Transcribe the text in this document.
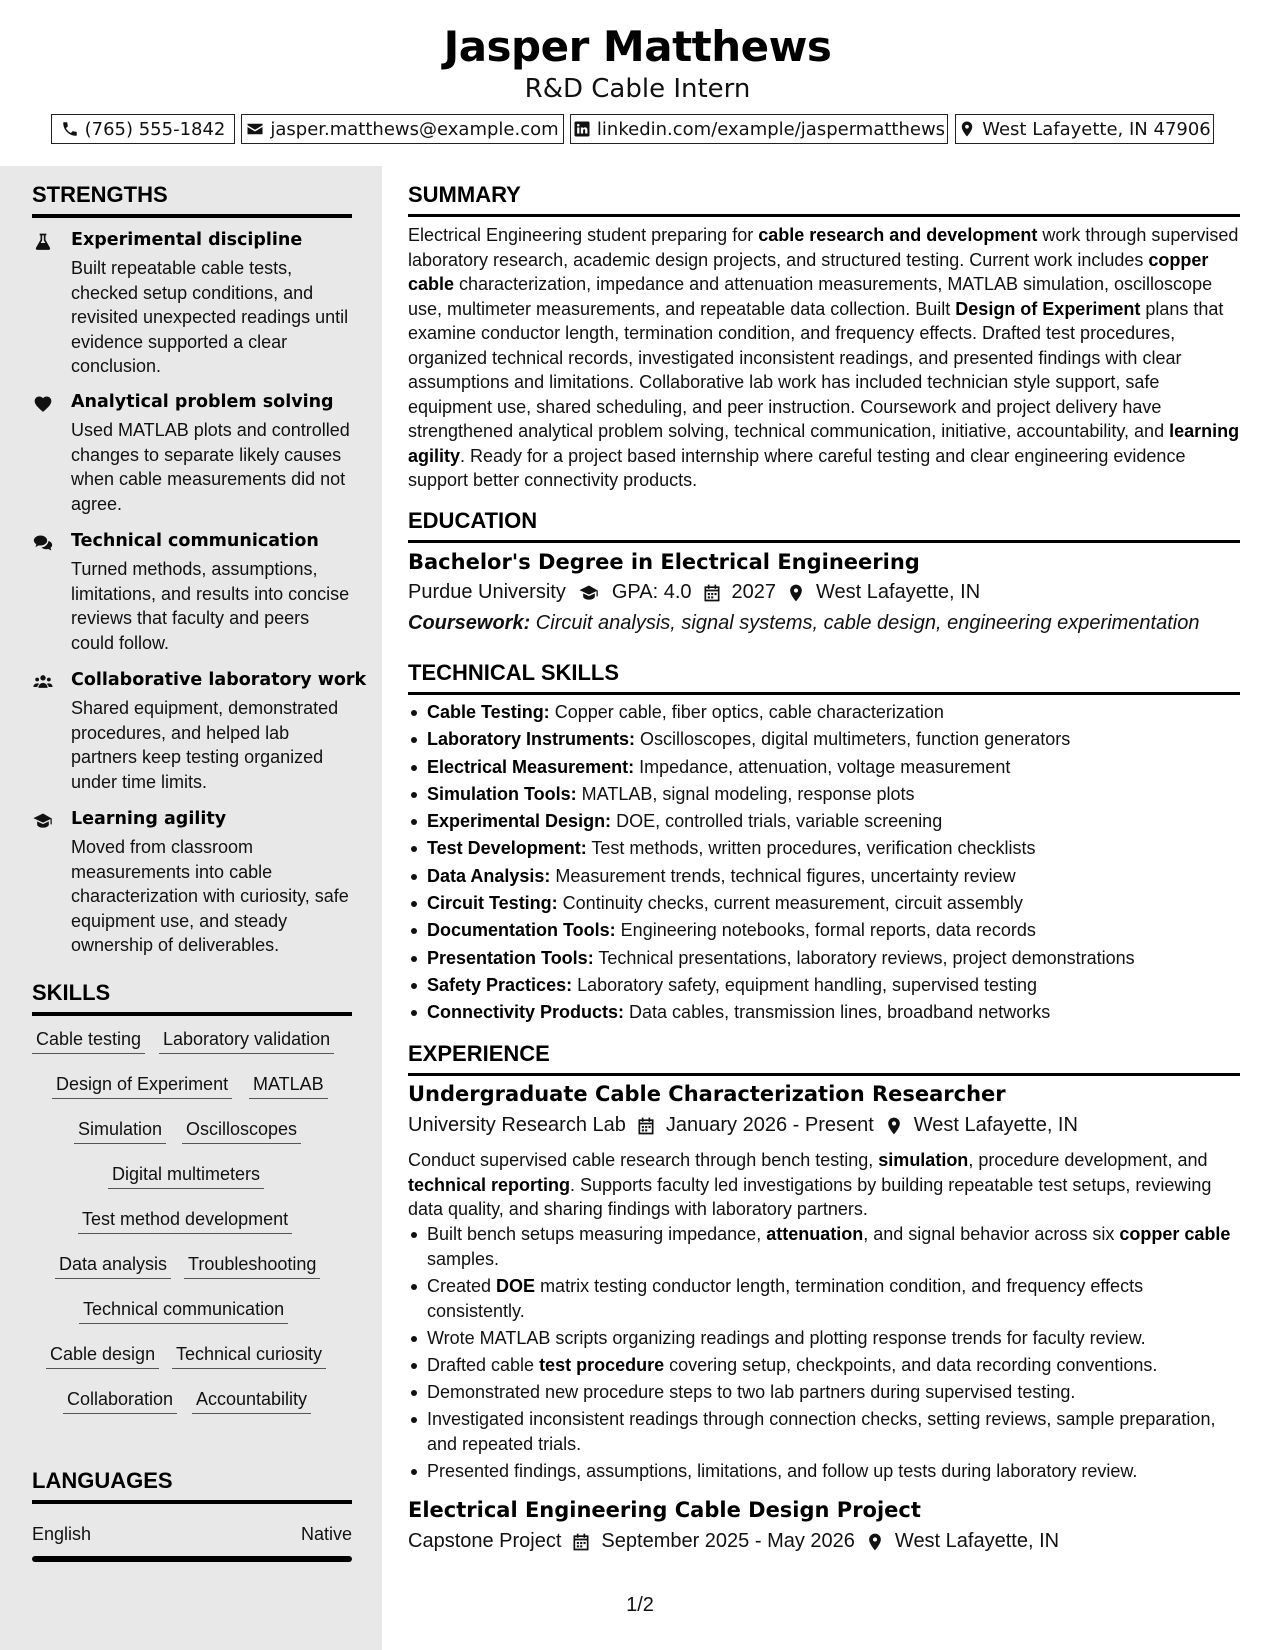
Jasper Matthews
R&D Cable Intern
(765) 555-1842 jasper.matthews@example.com linkedin.com/example/jaspermatthews West Lafayette, IN 47906
STRENGTHS
Experimental discipline
Built repeatable cable tests, checked setup conditions, and revisited unexpected readings until evidence supported a clear conclusion.
Analytical problem solving
Used MATLAB plots and controlled changes to separate likely causes when cable measurements did not agree.
Technical communication
Turned methods, assumptions, limitations, and results into concise reviews that faculty and peers could follow.
Collaborative laboratory work
Shared equipment, demonstrated procedures, and helped lab partners keep testing organized under time limits.
Learning agility
Moved from classroom measurements into cable characterization with curiosity, safe equipment use, and steady ownership of deliverables.
SKILLS
Cable testing Laboratory validation
Design of Experiment MATLAB
Simulation Oscilloscopes
Digital multimeters
Test method development
Data analysis Troubleshooting
Technical communication
Cable design Technical curiosity
Collaboration Accountability
LANGUAGES
English	Native
SUMMARY
Electrical Engineering student preparing for cable research and development work through supervised laboratory research, academic design projects, and structured testing. Current work includes copper cable characterization, impedance and attenuation measurements, MATLAB simulation, oscilloscope use, multimeter measurements, and repeatable data collection. Built Design of Experiment plans that examine conductor length, termination condition, and frequency effects. Drafted test procedures, organized technical records, investigated inconsistent readings, and presented findings with clear assumptions and limitations. Collaborative lab work has included technician style support, safe equipment use, shared scheduling, and peer instruction. Coursework and project delivery have strengthened analytical problem solving, technical communication, initiative, accountability, and learning agility. Ready for a project based internship where careful testing and clear engineering evidence support better connectivity products.
EDUCATION
Bachelor's Degree in Electrical Engineering
Purdue University GPA: 4.0 2027 West Lafayette, IN
Coursework: Circuit analysis, signal systems, cable design, engineering experimentation
TECHNICAL SKILLS
Cable Testing: Copper cable, fiber optics, cable characterization
Laboratory Instruments: Oscilloscopes, digital multimeters, function generators
Electrical Measurement: Impedance, attenuation, voltage measurement
Simulation Tools: MATLAB, signal modeling, response plots
Experimental Design: DOE, controlled trials, variable screening
Test Development: Test methods, written procedures, verification checklists
Data Analysis: Measurement trends, technical figures, uncertainty review
Circuit Testing: Continuity checks, current measurement, circuit assembly
Documentation Tools: Engineering notebooks, formal reports, data records
Presentation Tools: Technical presentations, laboratory reviews, project demonstrations
Safety Practices: Laboratory safety, equipment handling, supervised testing
Connectivity Products: Data cables, transmission lines, broadband networks
EXPERIENCE
Undergraduate Cable Characterization Researcher
University Research Lab January 2026 - Present West Lafayette, IN
Conduct supervised cable research through bench testing, simulation, procedure development, and technical reporting. Supports faculty led investigations by building repeatable test setups, reviewing data quality, and sharing findings with laboratory partners.
Built bench setups measuring impedance, attenuation, and signal behavior across six copper cable samples.
Created DOE matrix testing conductor length, termination condition, and frequency effects consistently.
Wrote MATLAB scripts organizing readings and plotting response trends for faculty review.
Drafted cable test procedure covering setup, checkpoints, and data recording conventions.
Demonstrated new procedure steps to two lab partners during supervised testing.
Investigated inconsistent readings through connection checks, setting reviews, sample preparation, and repeated trials.
Presented findings, assumptions, limitations, and follow up tests during laboratory review.
Electrical Engineering Cable Design Project
Capstone Project September 2025 - May 2026 West Lafayette, IN
1/2
